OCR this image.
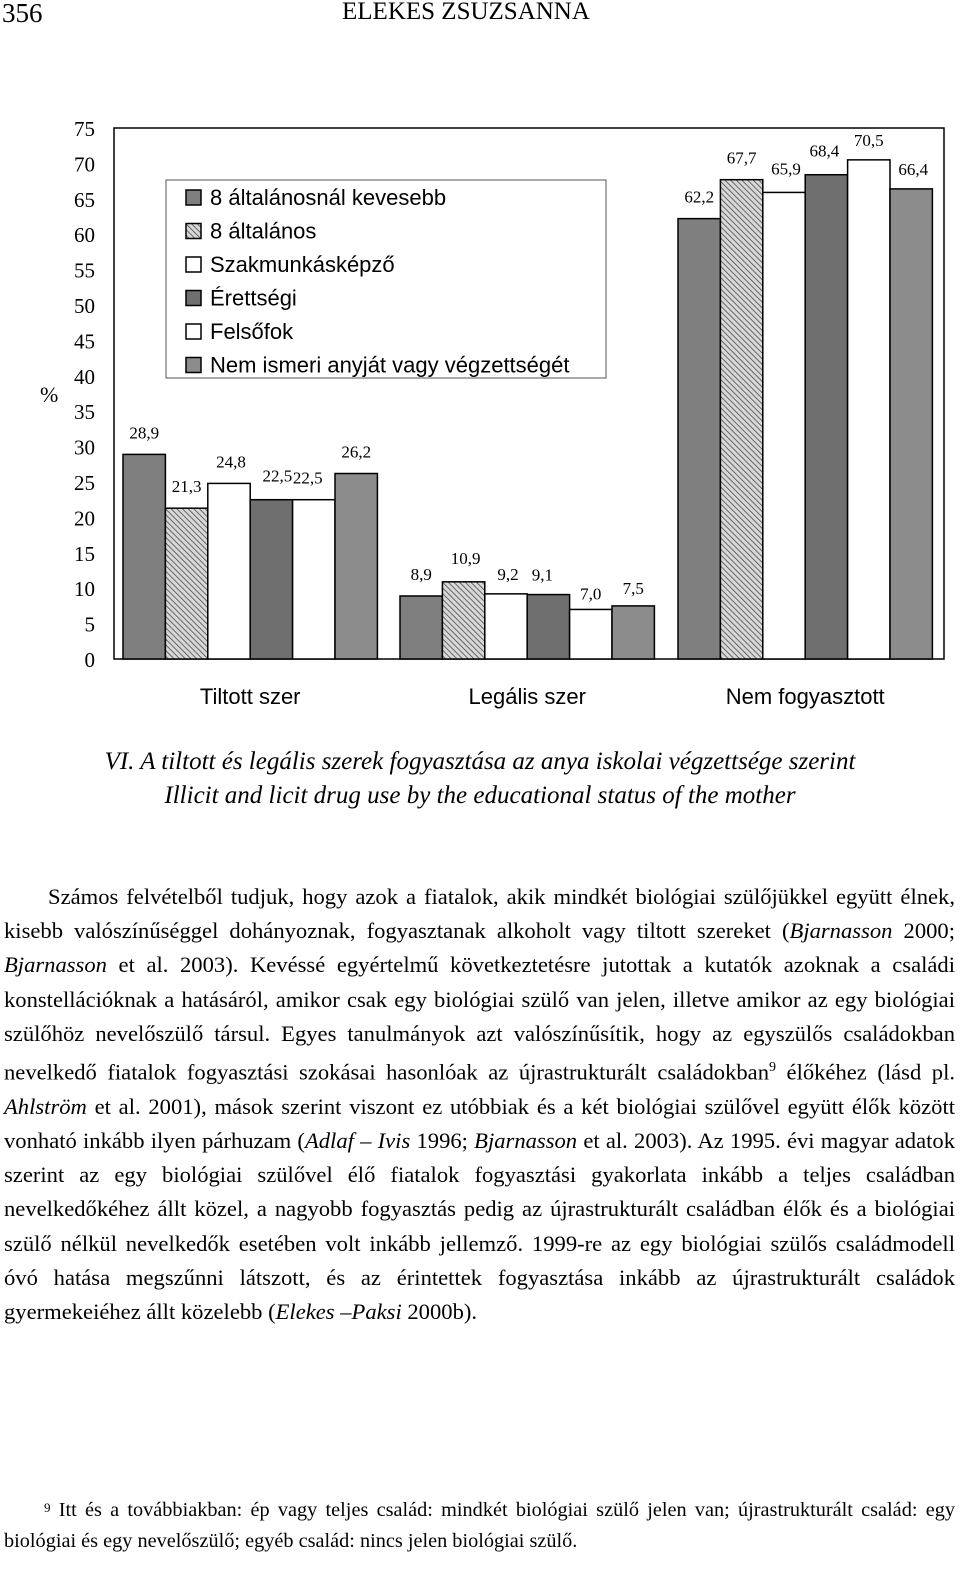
356	ELEKES ZSUZSANNA
0
5
10
15
20
25
30
35
40
45
50
55
60
65
70
75
%
28,9
21,3
24,8
22,5 22,5
26,2
8,9
10,9
9,2 9,1
7,0 7,5
62,2
67,7
65,9
68,4
70,5
66,4
Tiltott szer	Legális szer	Nem fogyasztott
8 általánosnál kevesebb
8 általános
Szakmunkásképző
Érettségi
Felsőfok
Nem ismeri anyját vagy végzettségét
VI. A tiltott és legális szerek fogyasztása az anya iskolai végzettsége szerint
Illicit and licit drug use by the educational status of the mother

Számos felvételből tudjuk, hogy azok a fiatalok, akik mindkét biológiai szülőjükkel együtt élnek, kisebb valószínűséggel dohányoznak, fogyasztanak alkoholt vagy tiltott szereket (Bjarnasson 2000; Bjarnasson et al. 2003). Kevéssé egyértelmű következtetésre jutottak a kutatók azoknak a családi konstellációknak a hatásáról, amikor csak egy biológiai szülő van jelen, illetve amikor az egy biológiai szülőhöz nevelőszülő társul. Egyes tanulmányok azt valószínűsítik, hogy az egyszülős családokban nevelkedő fiatalok fogyasztási szokásai hasonlóak az újrastrukturált családokban$^9$ élőkéhez (lásd pl. Ahlström et al. 2001), mások szerint viszont ez utóbbiak és a két biológiai szülővel együtt élők között vonható inkább ilyen párhuzam (Adlaf – Ivis 1996; Bjarnasson et al. 2003). Az 1995. évi magyar adatok szerint az egy biológiai szülővel élő fiatalok fogyasztási gyakorlata inkább a teljes családban nevelkedőkéhez állt közel, a nagyobb fogyasztás pedig az újrastrukturált családban élők és a biológiai szülő nélkül nevelkedők esetében volt inkább jellemző. 1999-re az egy biológiai szülős családmodell óvó hatása megszűnni látszott, és az érintettek fogyasztása inkább az újrastrukturált családok gyermekeiéhez állt közelebb (Elekes –Paksi 2000b).

$^9$ Itt és a továbbiakban: ép vagy teljes család: mindkét biológiai szülő jelen van; újrastrukturált család: egy biológiai és egy nevelőszülő; egyéb család: nincs jelen biológiai szülő.
